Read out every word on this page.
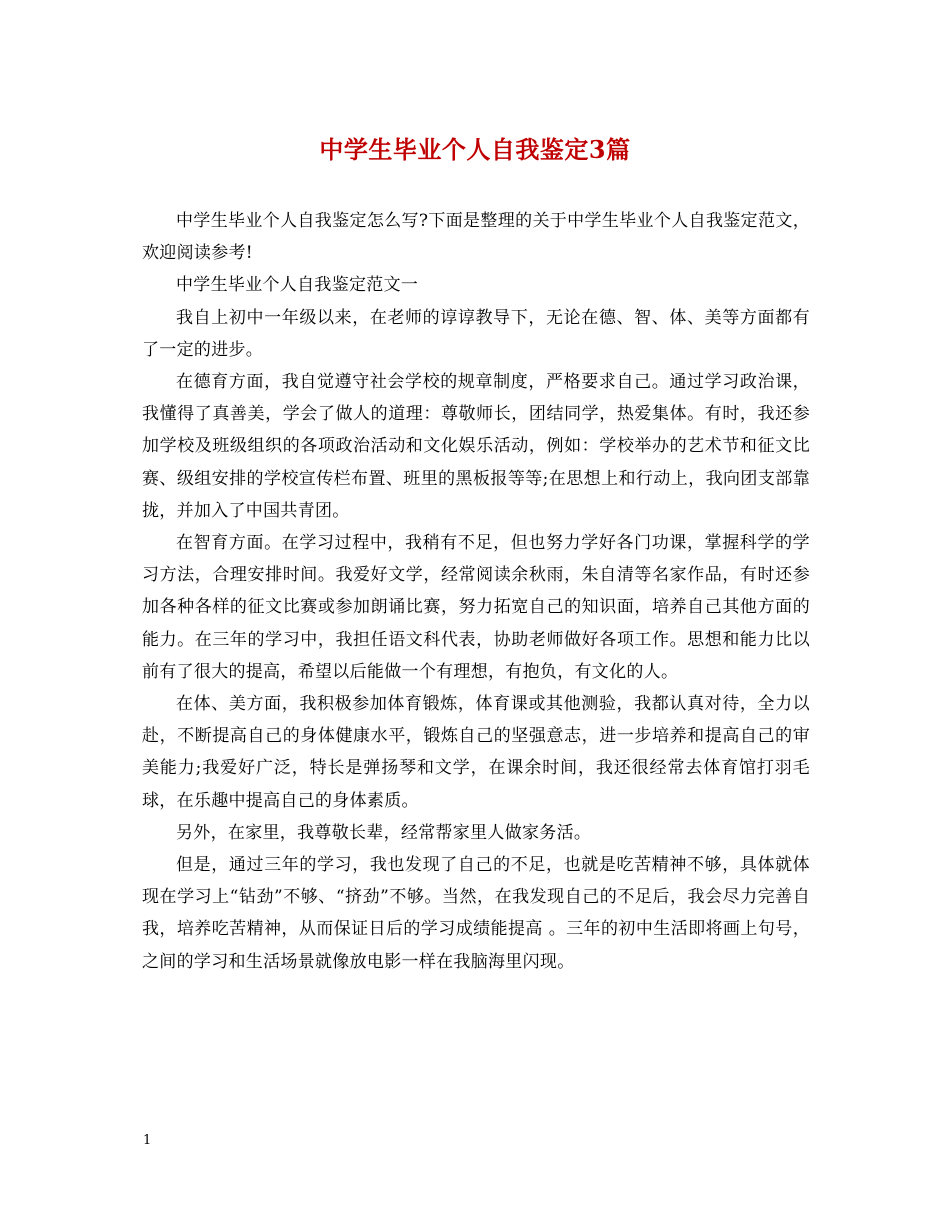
中学生毕业个人自我鉴定3篇

中学生毕业个人自我鉴定怎么写?下面是整理的关于中学生毕业个人自我鉴定范文，欢迎阅读参考!

中学生毕业个人自我鉴定范文一

我自上初中一年级以来，在老师的谆谆教导下，无论在德、智、体、美等方面都有了一定的进步。

在德育方面，我自觉遵守社会学校的规章制度，严格要求自己。通过学习政治课，我懂得了真善美，学会了做人的道理：尊敬师长，团结同学，热爱集体。有时，我还参加学校及班级组织的各项政治活动和文化娱乐活动，例如：学校举办的艺术节和征文比赛、级组安排的学校宣传栏布置、班里的黑板报等等;在思想上和行动上，我向团支部靠拢，并加入了中国共青团。

在智育方面。在学习过程中，我稍有不足，但也努力学好各门功课，掌握科学的学习方法，合理安排时间。我爱好文学，经常阅读余秋雨，朱自清等名家作品，有时还参加各种各样的征文比赛或参加朗诵比赛，努力拓宽自己的知识面，培养自己其他方面的能力。在三年的学习中，我担任语文科代表，协助老师做好各项工作。思想和能力比以前有了很大的提高，希望以后能做一个有理想，有抱负，有文化的人。

在体、美方面，我积极参加体育锻炼，体育课或其他测验，我都认真对待，全力以赴，不断提高自己的身体健康水平，锻炼自己的坚强意志，进一步培养和提高自己的审美能力;我爱好广泛，特长是弹扬琴和文学，在课余时间，我还很经常去体育馆打羽毛球，在乐趣中提高自己的身体素质。

另外，在家里，我尊敬长辈，经常帮家里人做家务活。

但是，通过三年的学习，我也发现了自己的不足，也就是吃苦精神不够，具体就体现在学习上“钻劲”不够、“挤劲”不够。当然，在我发现自己的不足后，我会尽力完善自我，培养吃苦精神，从而保证日后的学习成绩能提高 。三年的初中生活即将画上句号，之间的学习和生活场景就像放电影一样在我脑海里闪现。

1
